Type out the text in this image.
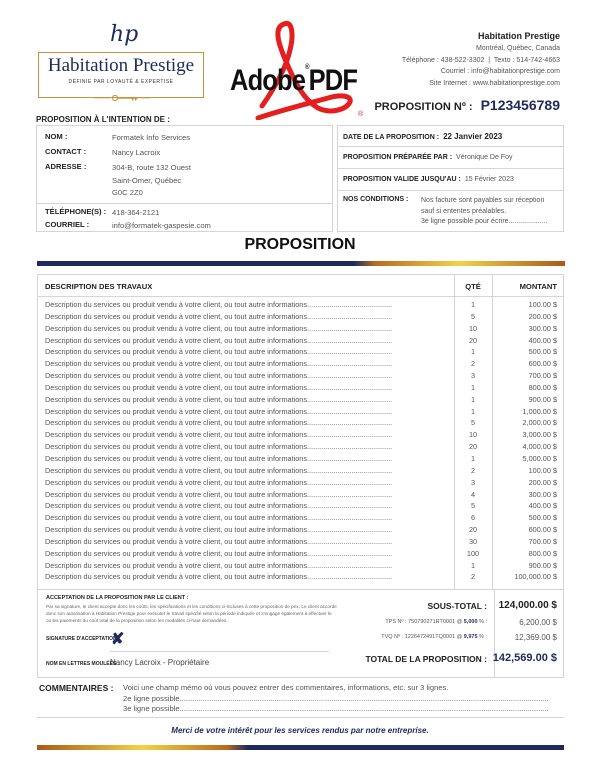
hp
Habitation Prestige
DÉFINIE PAR LOYAUTÉ & EXPERTISE	Adobe®PDF
®
Habitation Prestige
Montréal, Québec, Canada
Téléphone : 438-522-3302  |  Texto : 514-742-4663
Courriel : info@habitationprestige.com
Site Internet : www.habitationprestige.com
PROPOSITION Nº : P123456789
PROPOSITION À L'INTENTION DE :
NOM :	Formatek Info Services
CONTACT :	Nancy Lacroix
ADRESSE :	304-B, route 132 Ouest
Saint-Omer, Québec
G0C 2Z0
TÉLÉPHONE(S) : 418-364-2121
COURRIEL :	info@formatek-gaspesie.com
DATE DE LA PROPOSITION : 22 Janvier 2023
PROPOSITION PRÉPARÉE PAR : Véronique De Foy
PROPOSITION VALIDE JUSQU'AU : 15 Février 2023
NOS CONDITIONS : Nos facture sont payables sur réception
sauf si ententes préalables.
3e ligne possible pour écrire....................
PROPOSITION
DESCRIPTION DES TRAVAUX	QTÉ	MONTANT
Description du services ou produit vendu à votre client, ou tout autre informations..........................................	1	100.00 $
Description du services ou produit vendu à votre client, ou tout autre informations..........................................	5	200.00 $
Description du services ou produit vendu à votre client, ou tout autre informations..........................................	10	300.00 $
Description du services ou produit vendu à votre client, ou tout autre informations..........................................	20	400.00 $
Description du services ou produit vendu à votre client, ou tout autre informations..........................................	1	500.00 $
Description du services ou produit vendu à votre client, ou tout autre informations..........................................	2	600.00 $
Description du services ou produit vendu à votre client, ou tout autre informations..........................................	3	700.00 $
Description du services ou produit vendu à votre client, ou tout autre informations..........................................	1	800.00 $
Description du services ou produit vendu à votre client, ou tout autre informations..........................................	1	900.00 $
Description du services ou produit vendu à votre client, ou tout autre informations..........................................	1	1,000.00 $
Description du services ou produit vendu à votre client, ou tout autre informations..........................................	5	2,000.00 $
Description du services ou produit vendu à votre client, ou tout autre informations..........................................	10	3,000.00 $
Description du services ou produit vendu à votre client, ou tout autre informations..........................................	20	4,000.00 $
Description du services ou produit vendu à votre client, ou tout autre informations..........................................	1	5,000.00 $
Description du services ou produit vendu à votre client, ou tout autre informations..........................................	2	100.00 $
Description du services ou produit vendu à votre client, ou tout autre informations..........................................	3	200.00 $
Description du services ou produit vendu à votre client, ou tout autre informations..........................................	4	300.00 $
Description du services ou produit vendu à votre client, ou tout autre informations..........................................	5	400.00 $
Description du services ou produit vendu à votre client, ou tout autre informations..........................................	6	500.00 $
Description du services ou produit vendu à votre client, ou tout autre informations..........................................	20	600.00 $
Description du services ou produit vendu à votre client, ou tout autre informations..........................................	30	700.00 $
Description du services ou produit vendu à votre client, ou tout autre informations..........................................	100	800.00 $
Description du services ou produit vendu à votre client, ou tout autre informations..........................................	1	900.00 $
Description du services ou produit vendu à votre client, ou tout autre informations..........................................	2	100,000.00 $
ACCEPTATION DE LA PROPOSITION PAR LE CLIENT :
Par sa signature, le client accepte donc les coûts, les spécifications et les conditions ci-incluses à cette proposition de prix. Le client accorde donc son autorisation à Habitation Prestige pour exécuter le travail spécifié selon la période indiquée et s'engage également à effectuer le ou les paiements du coût total de la proposition selon les modalités ci-haut demandées.
SIGNATURE D'ACCEPTATION :
✘
NOM EN LETTRES MOULÉES :
Nancy Lacroix - Propriétaire
SOUS-TOTAL : 124,000.00 $
TPS Nº : 750790271RT0001 @ 5,000 % :	6,200.00 $
TVQ Nº : 1226472491TQ0001 @ 9,975 % :	12,369.00 $
TOTAL DE LA PROPOSITION : 142,569.00 $
COMMENTAIRES : Voici une champ mémo où vous pouvez entrer des commentaires, informations, etc. sur 3 lignes.
2e ligne possible...............................................................................................................................................................................
3e ligne possible...............................................................................................................................................................................
Merci de votre intérêt pour les services rendus par notre entreprise.
